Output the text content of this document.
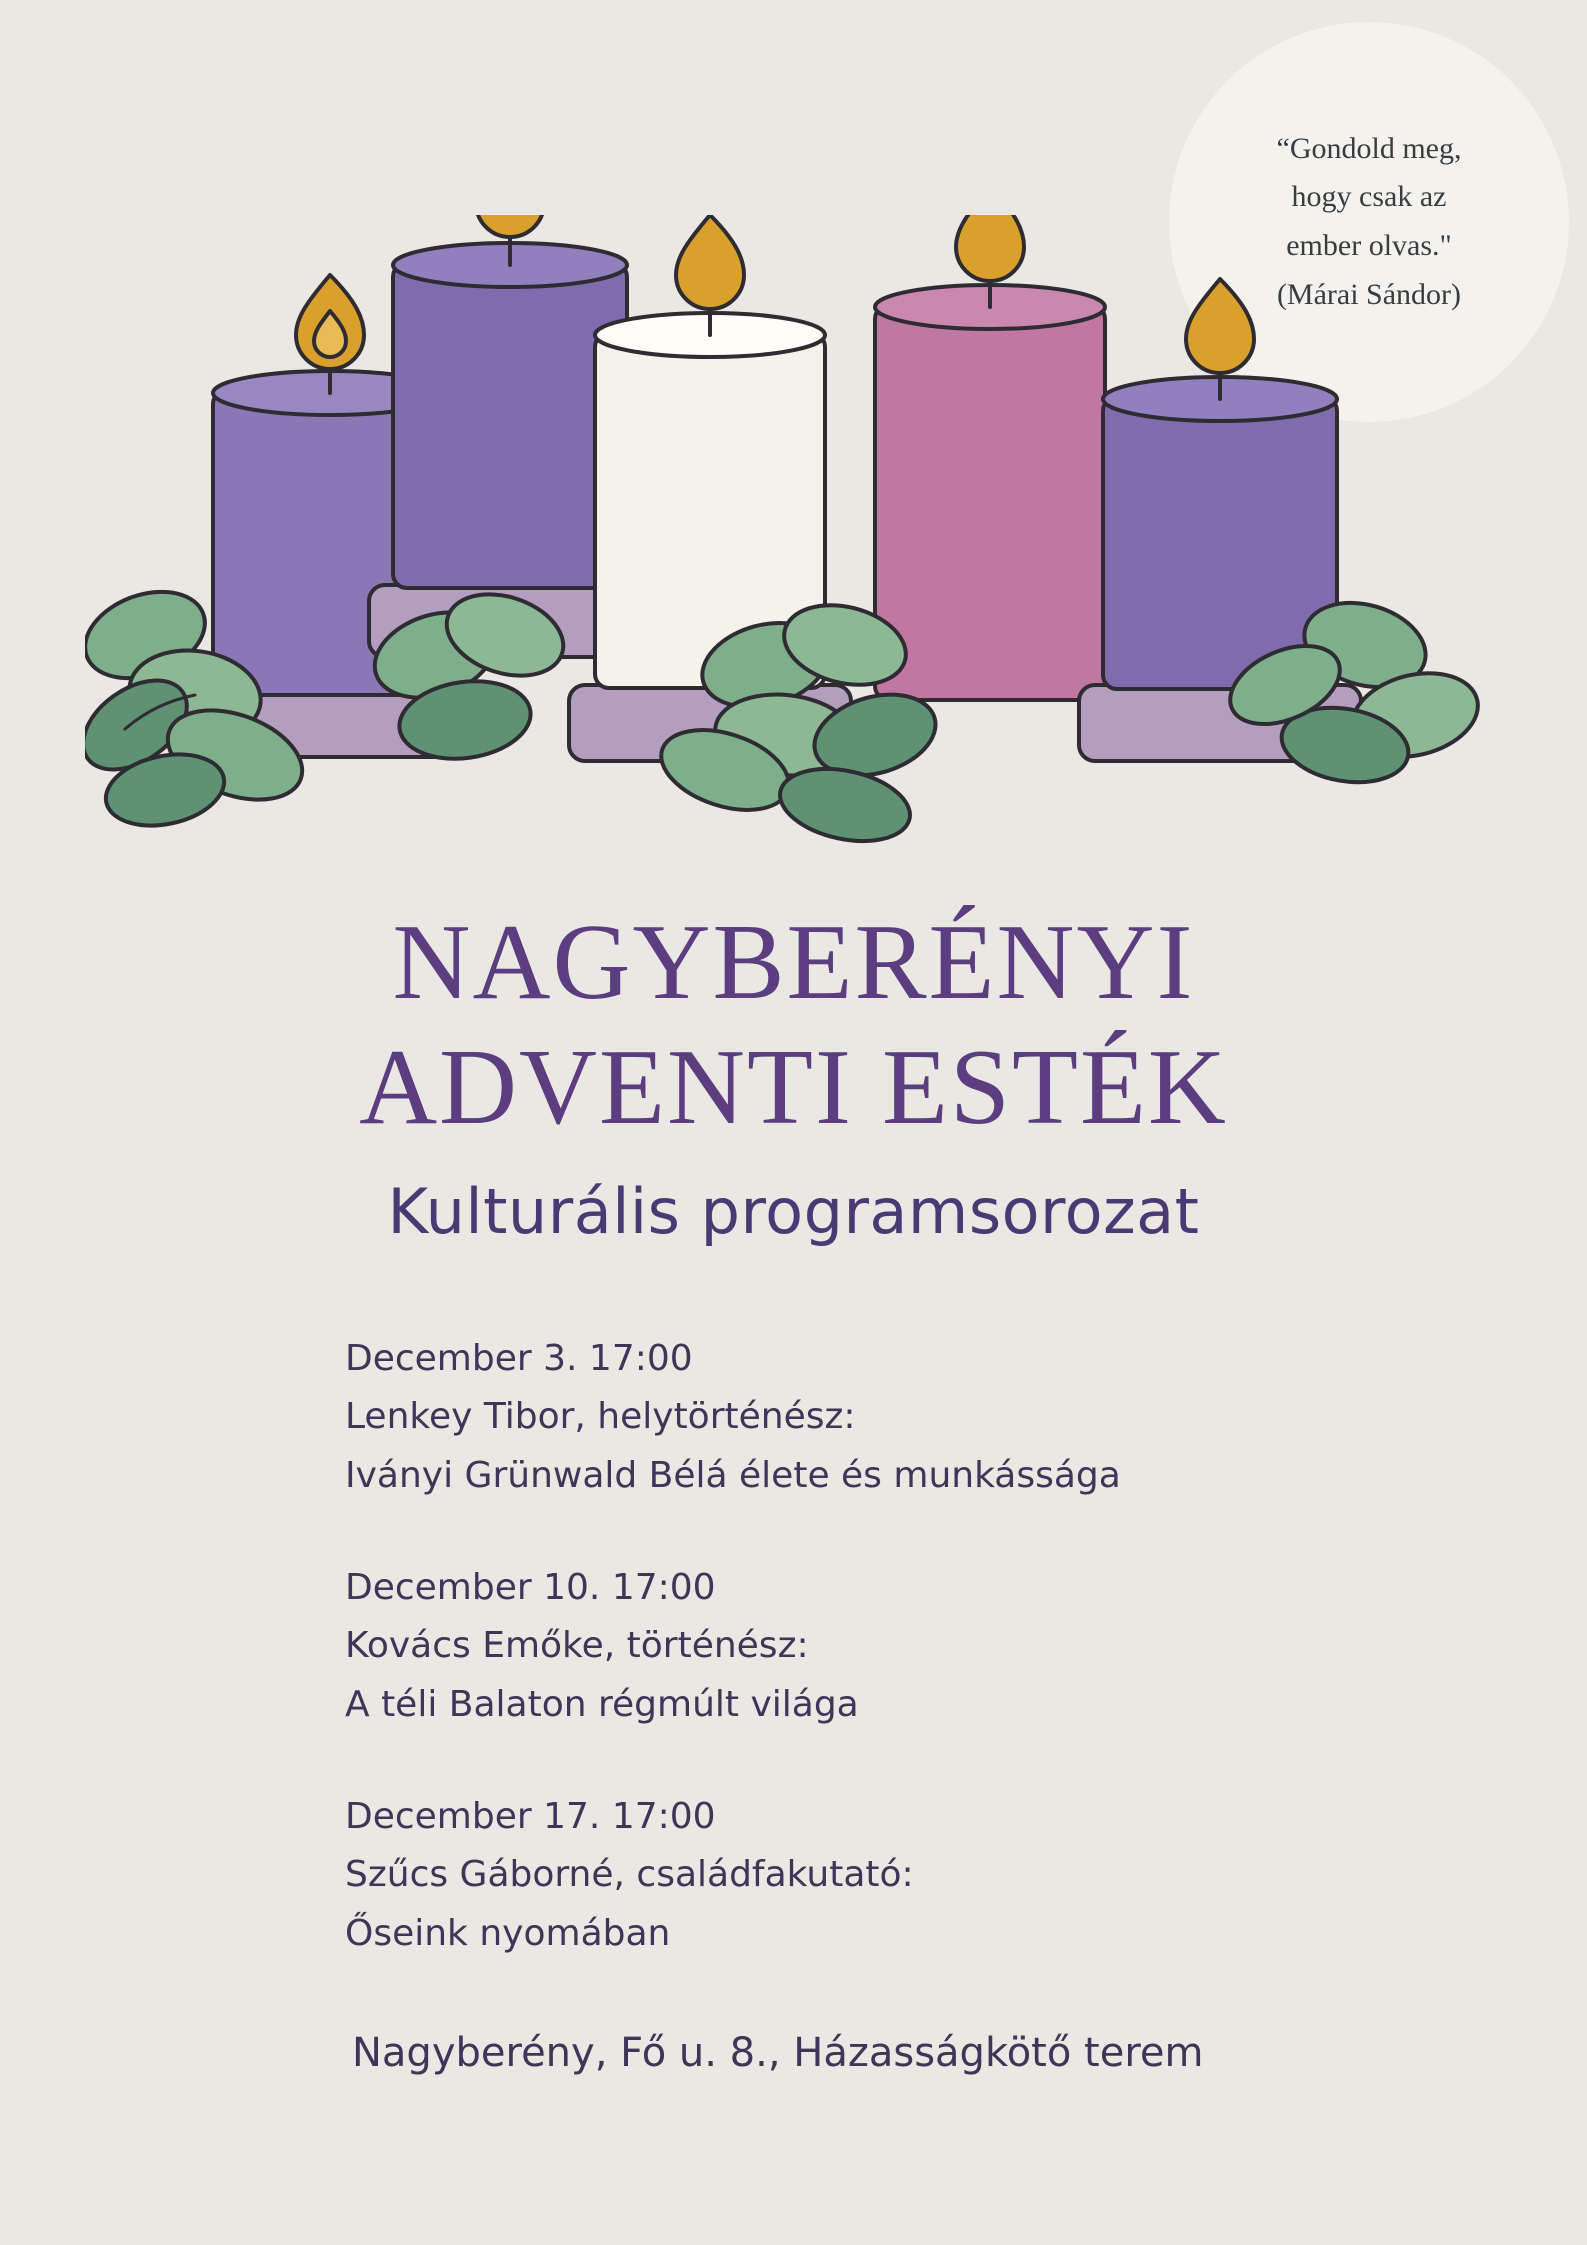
“Gondold meg,
hogy csak az
ember olvas."
(Márai Sándor)
NAGYBERÉNYI
ADVENTI ESTÉK
Kulturális programsorozat
December 3. 17:00
Lenkey Tibor, helytörténész:
Iványi Grünwald Bélá élete és munkássága
December 10. 17:00
Kovács Emőke, történész:
A téli Balaton régmúlt világa
December 17. 17:00
Szűcs Gáborné, családfakutató:
Őseink nyomában
Nagyberény, Fő u. 8., Házasságkötő terem
